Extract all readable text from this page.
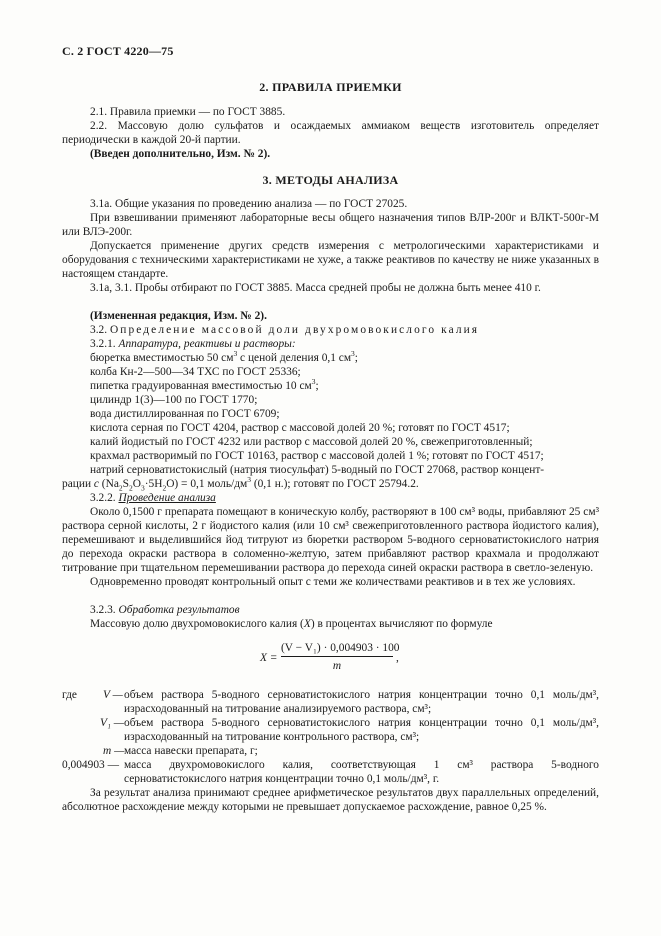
С. 2 ГОСТ 4220—75
2. ПРАВИЛА ПРИЕМКИ
2.1. Правила приемки — по ГОСТ 3885.
2.2. Массовую долю сульфатов и осаждаемых аммиаком веществ изготовитель определяет периодически в каждой 20-й партии.
(Введен дополнительно, Изм. № 2).
3. МЕТОДЫ АНАЛИЗА
3.1а. Общие указания по проведению анализа — по ГОСТ 27025.
При взвешивании применяют лабораторные весы общего назначения типов ВЛР-200г и ВЛКТ-500г-М или ВЛЭ-200г.
Допускается применение других средств измерения с метрологическими характеристиками и оборудования с техническими характеристиками не хуже, а также реактивов по качеству не ниже указанных в настоящем стандарте.
3.1а, 3.1. Пробы отбирают по ГОСТ 3885. Масса средней пробы не должна быть менее 410 г.
(Измененная редакция, Изм. № 2).
3.2. Определение массовой доли двухромовокислого калия
3.2.1. Аппаратура, реактивы и растворы:
бюретка вместимостью 50 $см^3$ с ценой деления 0,1 $см^3$;
колба Кн-2—500—34 ТХС по ГОСТ 25336;
пипетка градуированная вместимостью 10 $см^3$;
цилиндр 1(3)—100 по ГОСТ 1770;
вода дистиллированная по ГОСТ 6709;
кислота серная по ГОСТ 4204, раствор с массовой долей 20 %; готовят по ГОСТ 4517;
калий йодистый по ГОСТ 4232 или раствор с массовой долей 20 %, свежеприготовленный;
крахмал растворимый по ГОСТ 10163, раствор с массовой долей 1 %; готовят по ГОСТ 4517;
натрий серноватистокислый (натрия тиосульфат) 5-водный по ГОСТ 27068, раствор концент-
рации c $(Na_2S_2O_3\cdot 5H_2O) = 0,1$ моль/$дм^3$ (0,1 н.); готовят по ГОСТ 25794.2.
3.2.2. Проведение анализа
Около 0,1500 г препарата помещают в коническую колбу, растворяют в 100 см³ воды, прибавляют 25 см³ раствора серной кислоты, 2 г йодистого калия (или 10 см³ свежеприготовленного раствора йодистого калия), перемешивают и выделившийся йод титруют из бюретки раствором 5-водного серноватистокислого натрия до перехода окраски раствора в соломенно-желтую, затем прибавляют раствор крахмала и продолжают титрование при тщательном перемешивании раствора до перехода синей окраски раствора в светло-зеленую.
Одновременно проводят контрольный опыт с теми же количествами реактивов и в тех же условиях.
3.2.3. Обработка результатов
Массовую долю двухромовокислого калия (X) в процентах вычисляют по формуле
X =
(V − V₁) · 0,004903 · 100
m
,
где V — объем раствора 5-водного серноватистокислого натрия концентрации точно 0,1 моль/дм³, израсходованный на титрование анализируемого раствора, см³;
V₁ — объем раствора 5-водного серноватистокислого натрия концентрации точно 0,1 моль/дм³, израсходованный на титрование контрольного раствора, см³;
m — масса навески препарата, г;
0,004903 — масса двухромовокислого калия, соответствующая 1 см³ раствора 5-водного серноватистокислого натрия концентрации точно 0,1 моль/дм³, г.
За результат анализа принимают среднее арифметическое результатов двух параллельных определений, абсолютное расхождение между которыми не превышает допускаемое расхождение, равное 0,25 %.
